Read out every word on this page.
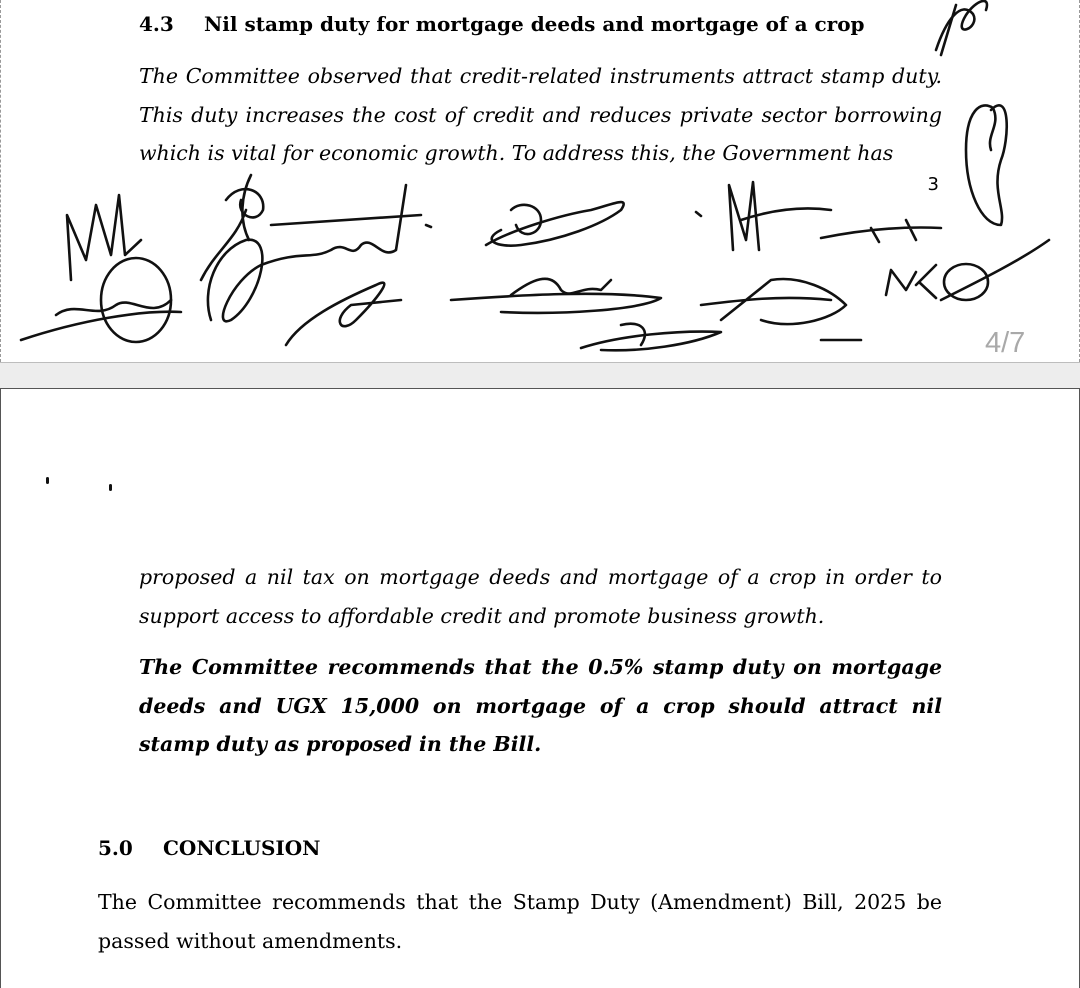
4.3 Nil stamp duty for mortgage deeds and mortgage of a crop
The Committee observed that credit-related instruments attract stamp duty. This duty increases the cost of credit and reduces private sector borrowing which is vital for economic growth. To address this, the Government has
3
4/7
proposed a nil tax on mortgage deeds and mortgage of a crop in order to support access to affordable credit and promote business growth.
The Committee recommends that the 0.5% stamp duty on mortgage deeds and UGX 15,000 on mortgage of a crop should attract nil stamp duty as proposed in the Bill.
5.0 CONCLUSION
The Committee recommends that the Stamp Duty (Amendment) Bill, 2025 be passed without amendments.
